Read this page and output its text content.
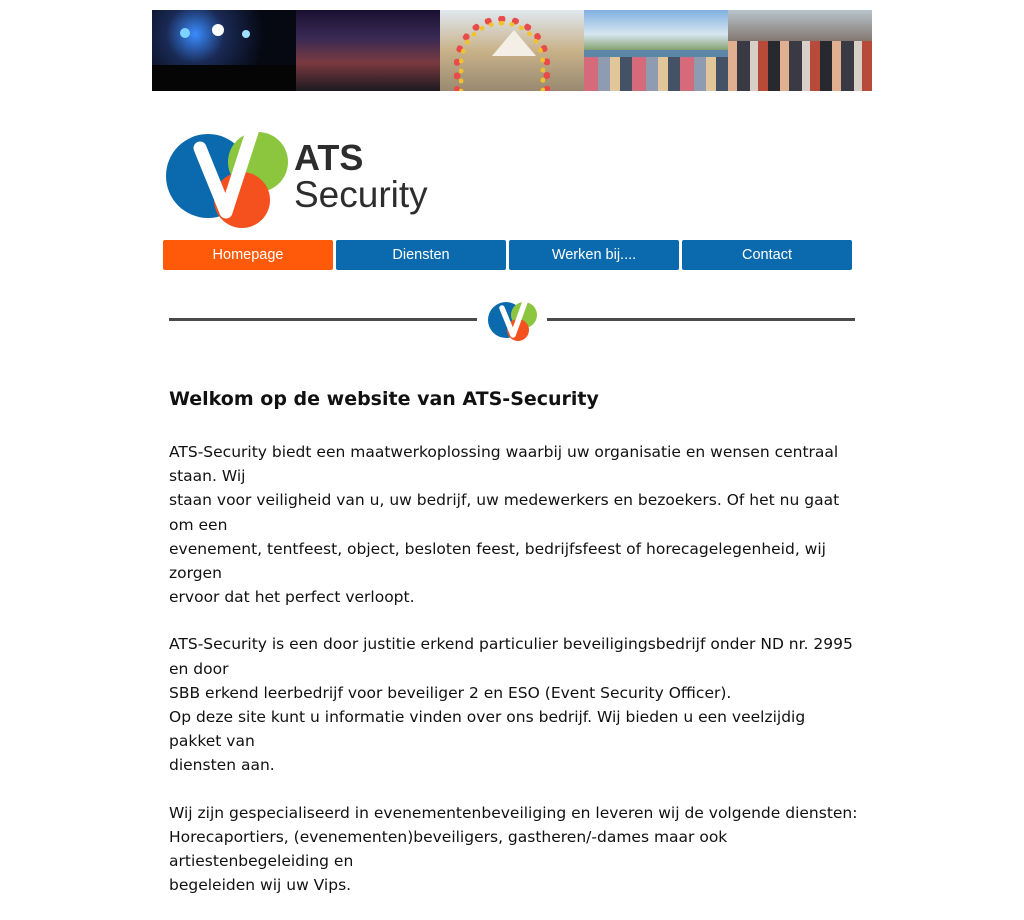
ATS
Security
Homepage	Diensten	Werken bij....	Contact
Welkom op de website van ATS-Security

ATS-Security biedt een maatwerkoplossing waarbij uw organisatie en wensen centraal staan. Wij
staan voor veiligheid van u, uw bedrijf, uw medewerkers en bezoekers. Of het nu gaat om een
evenement, tentfeest, object, besloten feest, bedrijfsfeest of horecagelegenheid, wij zorgen
ervoor dat het perfect verloopt.

ATS-Security is een door justitie erkend particulier beveiligingsbedrijf onder ND nr. 2995 en door
SBB erkend leerbedrijf voor beveiliger 2 en ESO (Event Security Officer).
Op deze site kunt u informatie vinden over ons bedrijf. Wij bieden u een veelzijdig pakket van
diensten aan.

Wij zijn gespecialiseerd in evenementenbeveiliging en leveren wij de volgende diensten:
Horecaportiers, (evenementen)beveiligers, gastheren/-dames maar ook artiestenbegeleiding en
begeleiden wij uw Vips.
